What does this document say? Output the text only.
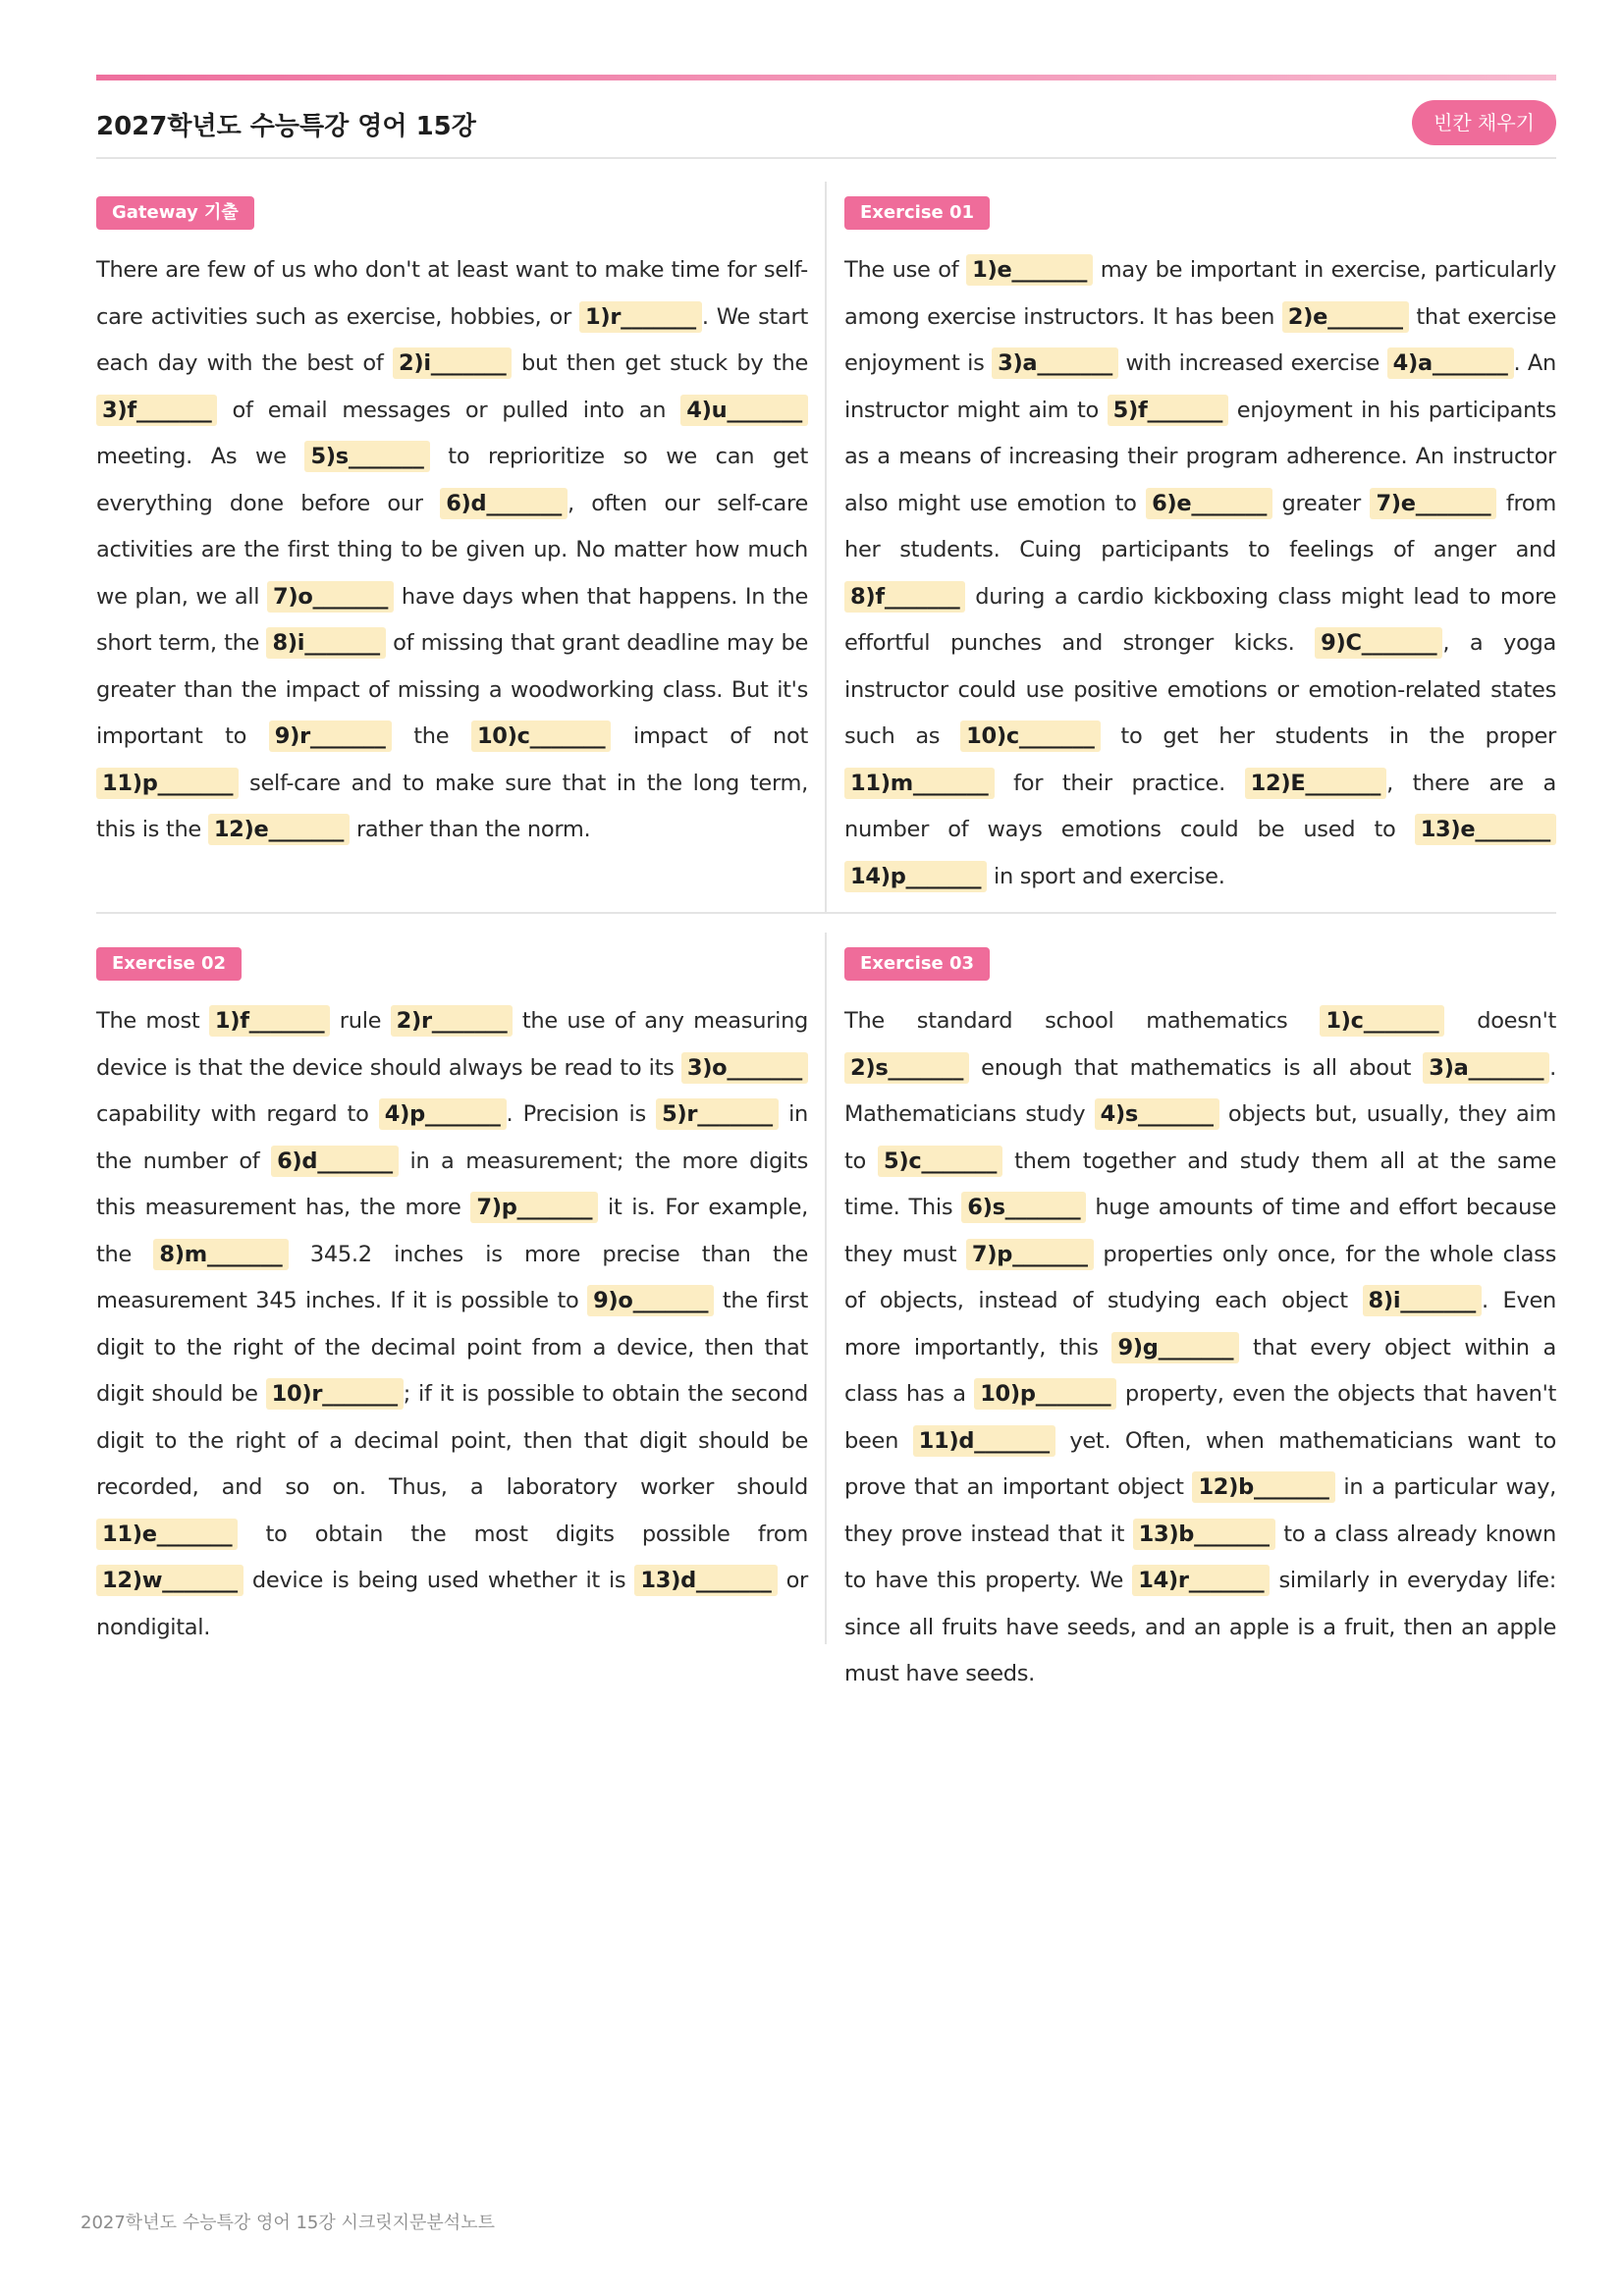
2027학년도 수능특강 영어 15강	빈칸 채우기
Gateway 기출
There are few of us who don't at least want to make time for self-care activities such as exercise, hobbies, or 1)r_______ . We start each day with the best of 2)i_______ but then get stuck by the 3)f_______ of email messages or pulled into an 4)u_______ meeting. As we 5)s_______ to reprioritize so we can get everything done before our 6)d_______ , often our self-care activities are the first thing to be given up. No matter how much we plan, we all 7)o_______ have days when that happens. In the short term, the 8)i_______ of missing that grant deadline may be greater than the impact of missing a woodworking class. But it's important to 9)r_______ the 10)c_______ impact of not 11)p_______ self-care and to make sure that in the long term, this is the 12)e_______ rather than the norm.
Exercise 01
The use of 1)e_______ may be important in exercise, particularly among exercise instructors. It has been 2)e_______ that exercise enjoyment is 3)a_______ with increased exercise 4)a_______ . An instructor might aim to 5)f_______ enjoyment in his participants as a means of increasing their program adherence. An instructor also might use emotion to 6)e_______ greater 7)e_______ from her students. Cuing participants to feelings of anger and 8)f_______ during a cardio kickboxing class might lead to more effortful punches and stronger kicks. 9)C_______ , a yoga instructor could use positive emotions or emotion-related states such as 10)c_______ to get her students in the proper 11)m_______ for their practice. 12)E_______ , there are a number of ways emotions could be used to 13)e_______ 14)p_______ in sport and exercise.
Exercise 02
The most 1)f_______ rule 2)r_______ the use of any measuring device is that the device should always be read to its 3)o_______ capability with regard to 4)p_______ . Precision is 5)r_______ in the number of 6)d_______ in a measurement; the more digits this measurement has, the more 7)p_______ it is. For example, the 8)m_______ 345.2 inches is more precise than the measurement 345 inches. If it is possible to 9)o_______ the first digit to the right of the decimal point from a device, then that digit should be 10)r_______ ; if it is possible to obtain the second digit to the right of a decimal point, then that digit should be recorded, and so on. Thus, a laboratory worker should 11)e_______ to obtain the most digits possible from 12)w_______ device is being used whether it is 13)d_______ or nondigital.
Exercise 03
The standard school mathematics 1)c_______ doesn't 2)s_______ enough that mathematics is all about 3)a_______ . Mathematicians study 4)s_______ objects but, usually, they aim to 5)c_______ them together and study them all at the same time. This 6)s_______ huge amounts of time and effort because they must 7)p_______ properties only once, for the whole class of objects, instead of studying each object 8)i_______ . Even more importantly, this 9)g_______ that every object within a class has a 10)p_______ property, even the objects that haven't been 11)d_______ yet. Often, when mathematicians want to prove that an important object 12)b_______ in a particular way, they prove instead that it 13)b_______ to a class already known to have this property. We 14)r_______ similarly in everyday life: since all fruits have seeds, and an apple is a fruit, then an apple must have seeds.
2027학년도 수능특강 영어 15강 시크릿지문분석노트
